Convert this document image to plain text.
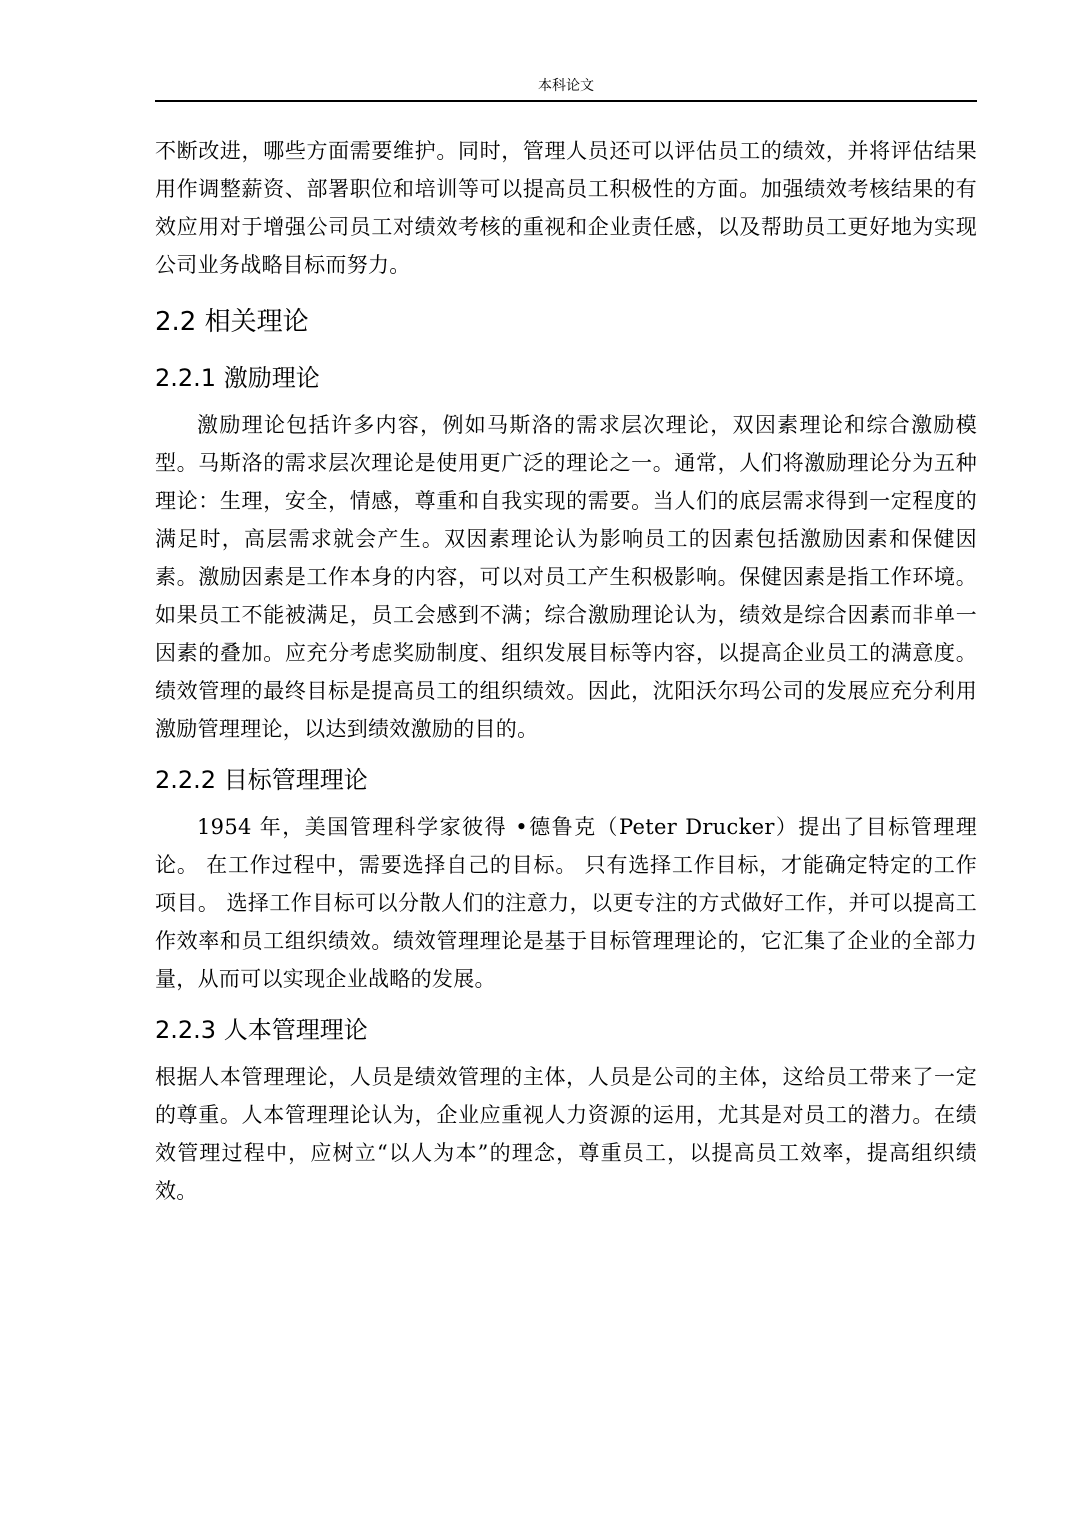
本科论文

不断改进，哪些方面需要维护。同时，管理人员还可以评估员工的绩效，并将评估结果用作调整薪资、部署职位和培训等可以提高员工积极性的方面。加强绩效考核结果的有效应用对于增强公司员工对绩效考核的重视和企业责任感，以及帮助员工更好地为实现公司业务战略目标而努力。

2.2 相关理论
2.2.1 激励理论

激励理论包括许多内容，例如马斯洛的需求层次理论，双因素理论和综合激励模型。马斯洛的需求层次理论是使用更广泛的理论之一。通常，人们将激励理论分为五种理论：生理，安全，情感，尊重和自我实现的需要。当人们的底层需求得到一定程度的满足时，高层需求就会产生。双因素理论认为影响员工的因素包括激励因素和保健因素。激励因素是工作本身的内容，可以对员工产生积极影响。保健因素是指工作环境。如果员工不能被满足，员工会感到不满；综合激励理论认为，绩效是综合因素而非单一因素的叠加。应充分考虑奖励制度、组织发展目标等内容，以提高企业员工的满意度。绩效管理的最终目标是提高员工的组织绩效。因此，沈阳沃尔玛公司的发展应充分利用激励管理理论，以达到绩效激励的目的。

2.2.2 目标管理理论

1954 年，美国管理科学家彼得 •德鲁克（Peter Drucker）提出了目标管理理论。 在工作过程中，需要选择自己的目标。 只有选择工作目标，才能确定特定的工作项目。 选择工作目标可以分散人们的注意力，以更专注的方式做好工作，并可以提高工作效率和员工组织绩效。绩效管理理论是基于目标管理理论的，它汇集了企业的全部力量，从而可以实现企业战略的发展。

2.2.3 人本管理理论

根据人本管理理论，人员是绩效管理的主体，人员是公司的主体，这给员工带来了一定的尊重。人本管理理论认为，企业应重视人力资源的运用，尤其是对员工的潜力。在绩效管理过程中，应树立“以人为本”的理念，尊重员工，以提高员工效率，提高组织绩效。
